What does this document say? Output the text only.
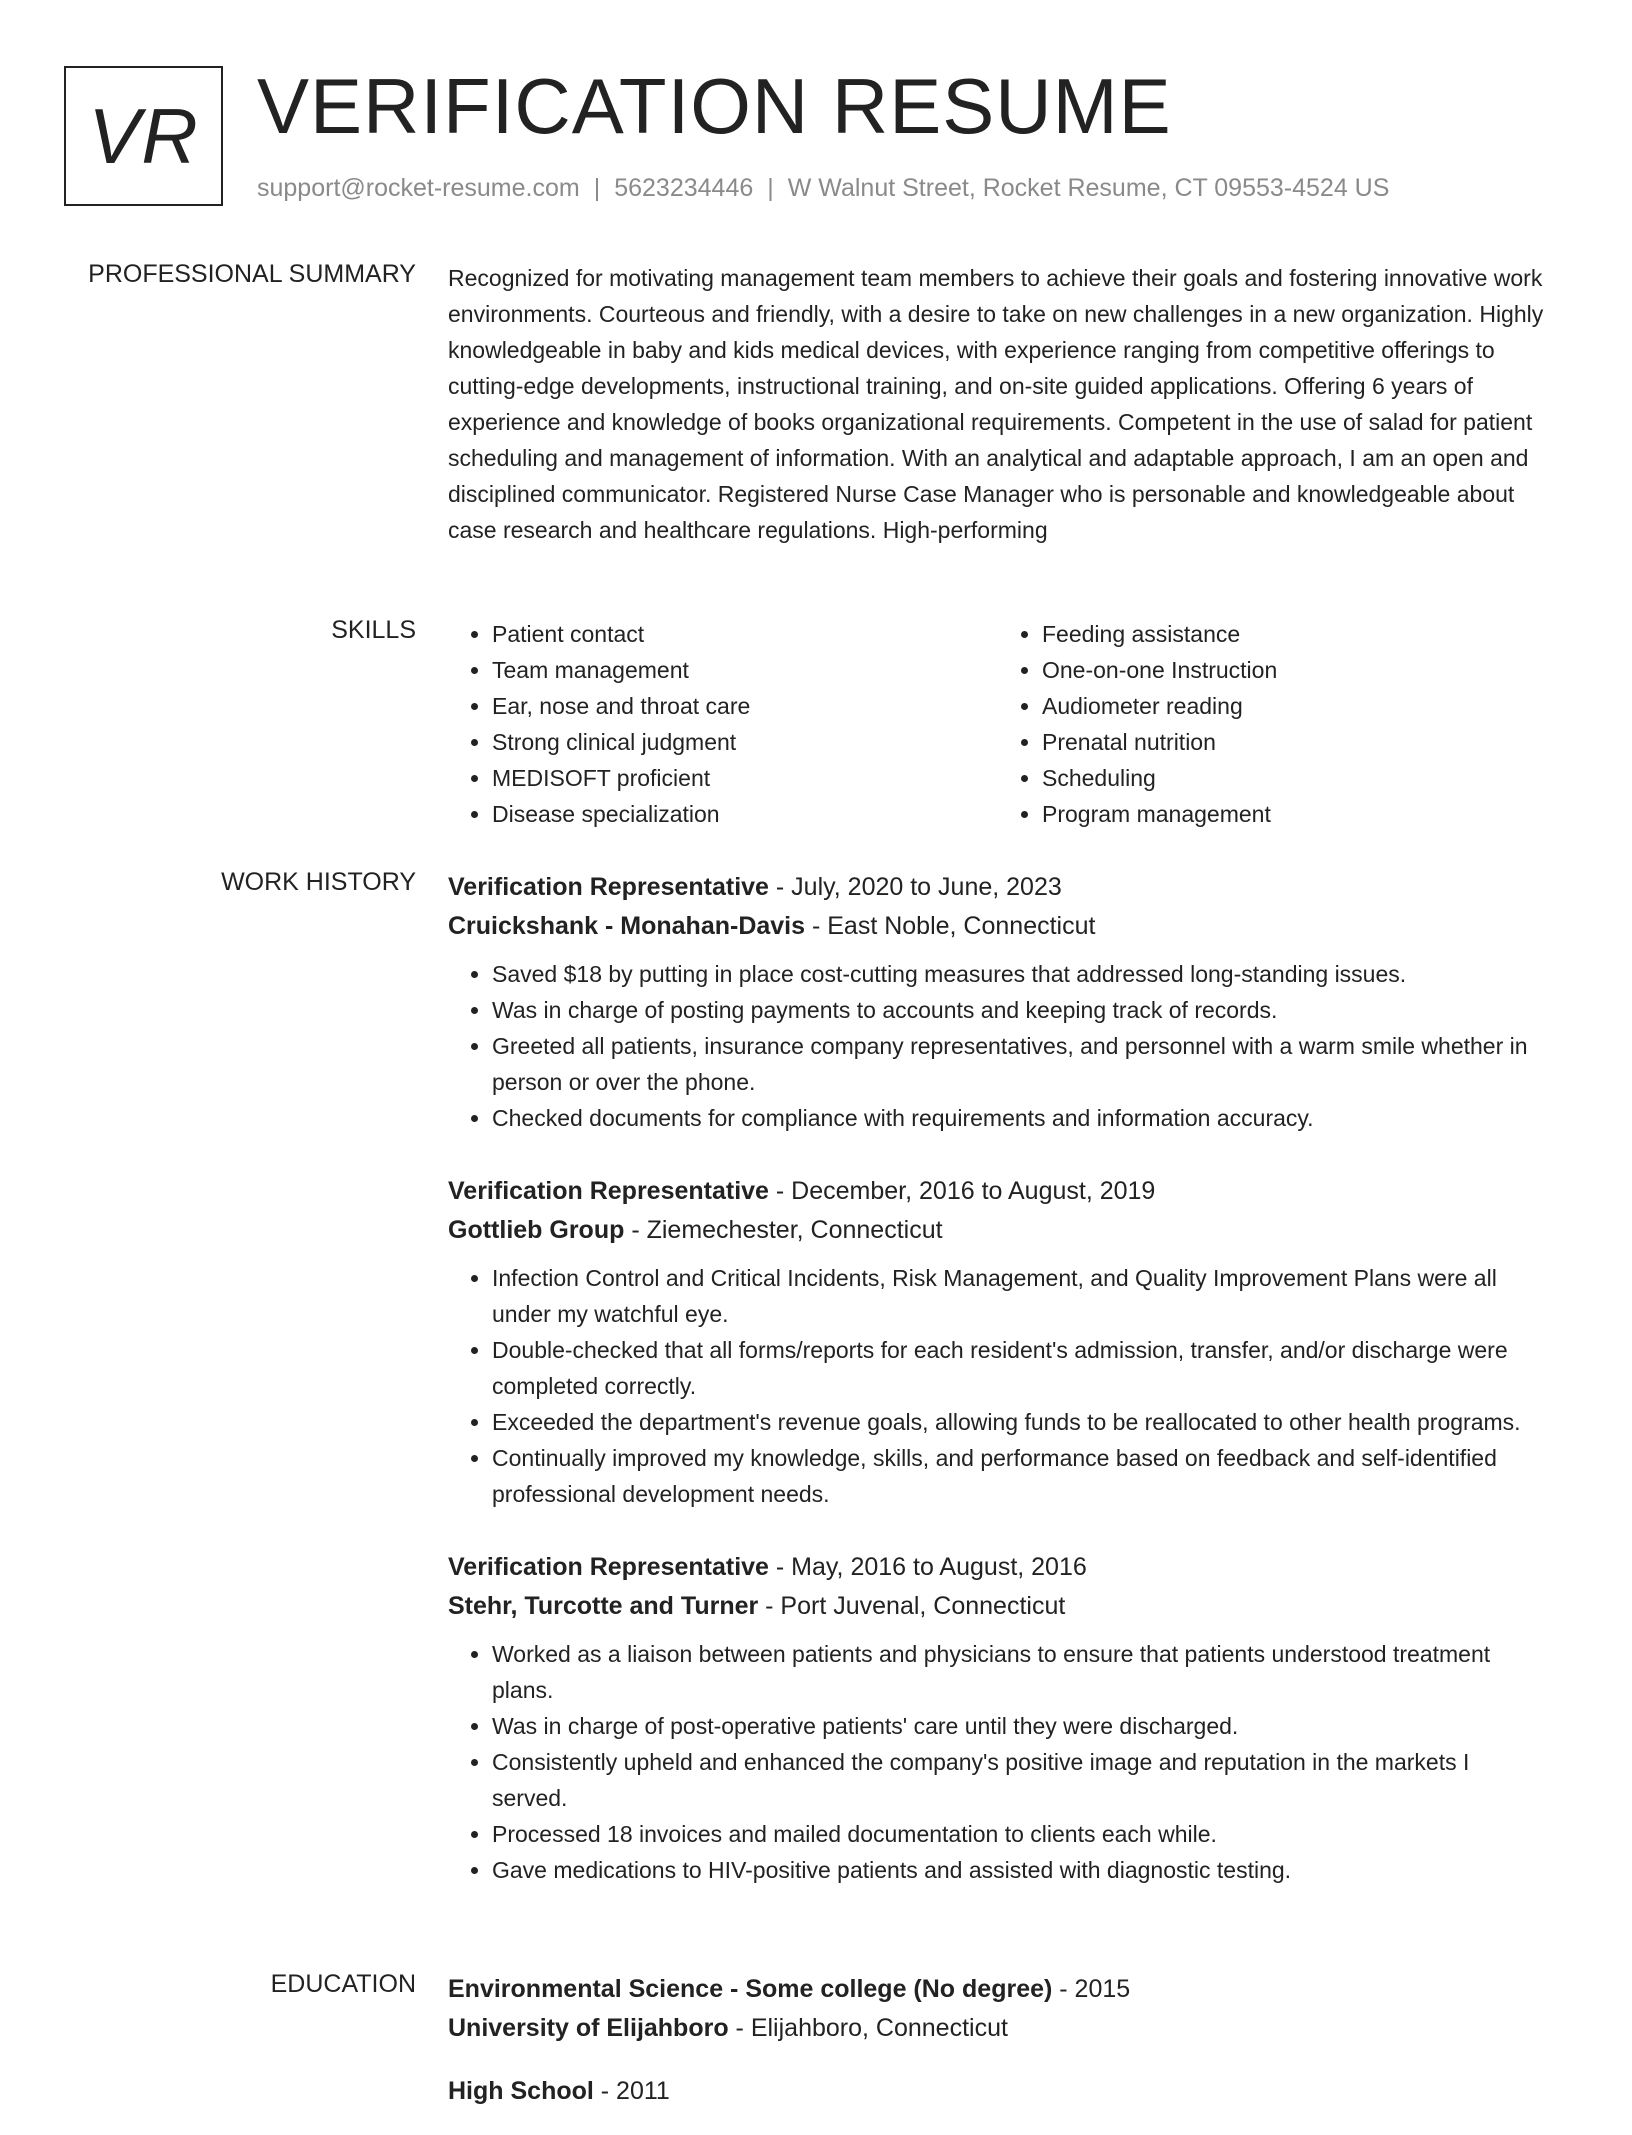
VR VERIFICATION RESUME
support@rocket-resume.com | 5623234446 | W Walnut Street, Rocket Resume, CT 09553-4524 US
PROFESSIONAL SUMMARY Recognized for motivating management team members to achieve their goals and fostering innovative work environments. Courteous and friendly, with a desire to take on new challenges in a new organization. Highly knowledgeable in baby and kids medical devices, with experience ranging from competitive offerings to cutting-edge developments, instructional training, and on-site guided applications. Offering 6 years of experience and knowledge of books organizational requirements. Competent in the use of salad for patient scheduling and management of information. With an analytical and adaptable approach, I am an open and disciplined communicator. Registered Nurse Case Manager who is personable and knowledgeable about case research and healthcare regulations. High-performing
SKILLS
•	Patient contact
• Team management
• Ear, nose and throat care
• Strong clinical judgment
• MEDISOFT proficient
• Disease specialization
• Feeding assistance
• One-on-one Instruction
• Audiometer reading
• Prenatal nutrition
• Scheduling
• Program management
WORK HISTORY Verification Representative - July, 2020 to June, 2023
Cruickshank - Monahan-Davis - East Noble, Connecticut
• Saved $18 by putting in place cost-cutting measures that addressed long-standing issues.
• Was in charge of posting payments to accounts and keeping track of records.
• Greeted all patients, insurance company representatives, and personnel with a warm smile whether in person or over the phone.
• Checked documents for compliance with requirements and information accuracy.
Verification Representative - December, 2016 to August, 2019
Gottlieb Group - Ziemechester, Connecticut
• Infection Control and Critical Incidents, Risk Management, and Quality Improvement Plans were all under my watchful eye.
• Double-checked that all forms/reports for each resident's admission, transfer, and/or discharge were completed correctly.
• Exceeded the department's revenue goals, allowing funds to be reallocated to other health programs.
• Continually improved my knowledge, skills, and performance based on feedback and self-identified professional development needs.
Verification Representative - May, 2016 to August, 2016
Stehr, Turcotte and Turner - Port Juvenal, Connecticut
• Worked as a liaison between patients and physicians to ensure that patients understood treatment plans.
• Was in charge of post-operative patients' care until they were discharged.
• Consistently upheld and enhanced the company's positive image and reputation in the markets I served.
• Processed 18 invoices and mailed documentation to clients each while.
• Gave medications to HIV-positive patients and assisted with diagnostic testing.
EDUCATION Environmental Science - Some college (No degree) - 2015
University of Elijahboro - Elijahboro, Connecticut
High School - 2011
